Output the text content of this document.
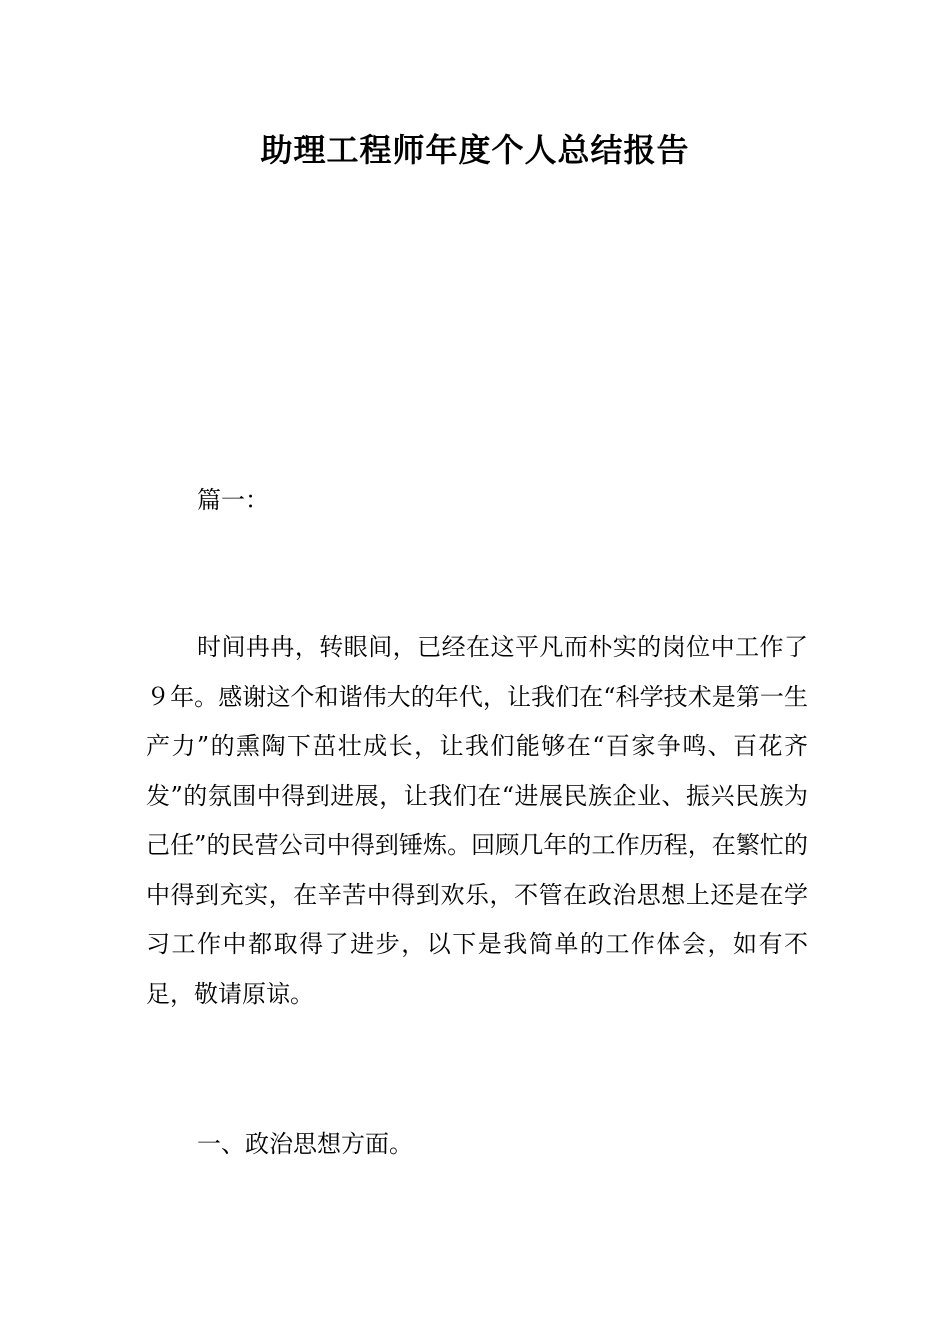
助理工程师年度个人总结报告

篇一：

时间冉冉，转眼间，已经在这平凡而朴实的岗位中工作了９年。感谢这个和谐伟大的年代，让我们在“科学技术是第一生产力”的熏陶下茁壮成长，让我们能够在“百家争鸣、百花齐发”的氛围中得到进展，让我们在“进展民族企业、振兴民族为己任”的民营公司中得到锤炼。回顾几年的工作历程，在繁忙的中得到充实，在辛苦中得到欢乐，不管在政治思想上还是在学习工作中都取得了进步，以下是我简单的工作体会，如有不足，敬请原谅。

一、政治思想方面。
